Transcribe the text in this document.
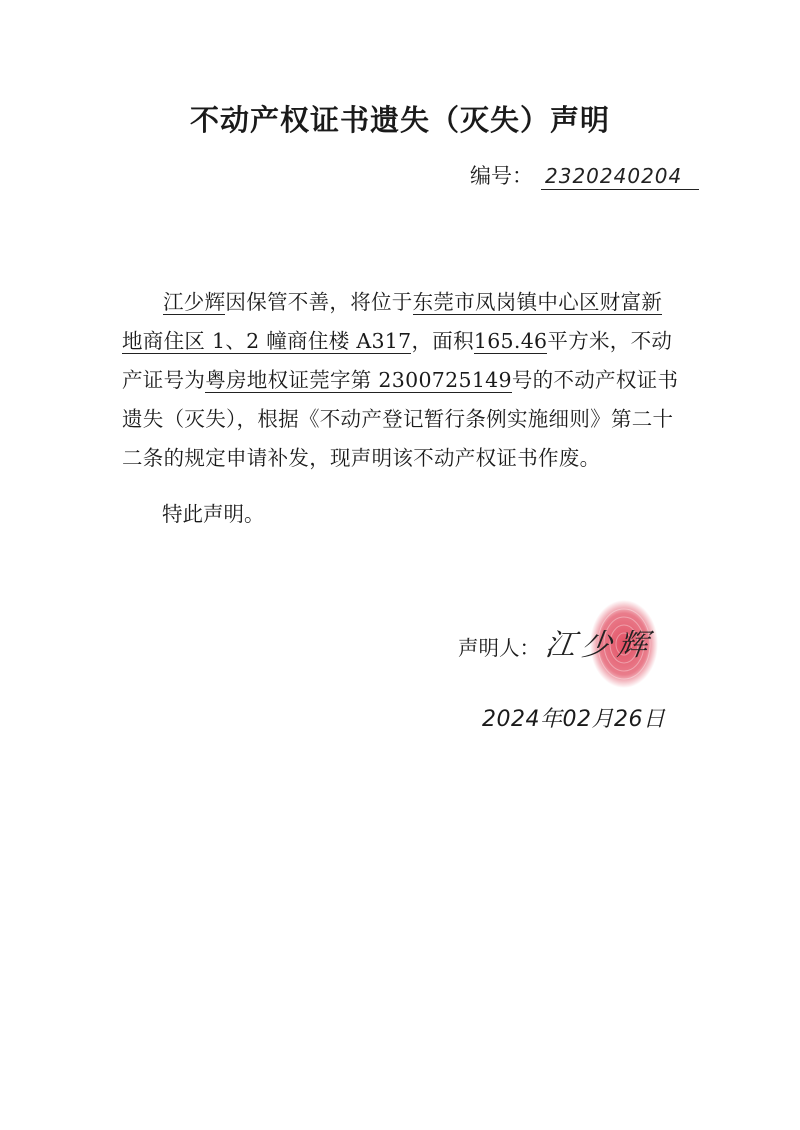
不动产权证书遗失（灭失）声明
编号： 2320240204

江少辉因保管不善，将位于东莞市凤岗镇中心区财富新地商住区 1、2 幢商住楼 A317，面积165.46平方米，不动产证号为粤房地权证莞字第 2300725149号的不动产权证书遗失（灭失），根据《不动产登记暂行条例实施细则》第二十二条的规定申请补发，现声明该不动产权证书作废。

特此声明。
声明人： 江少辉
2024年02月26日
